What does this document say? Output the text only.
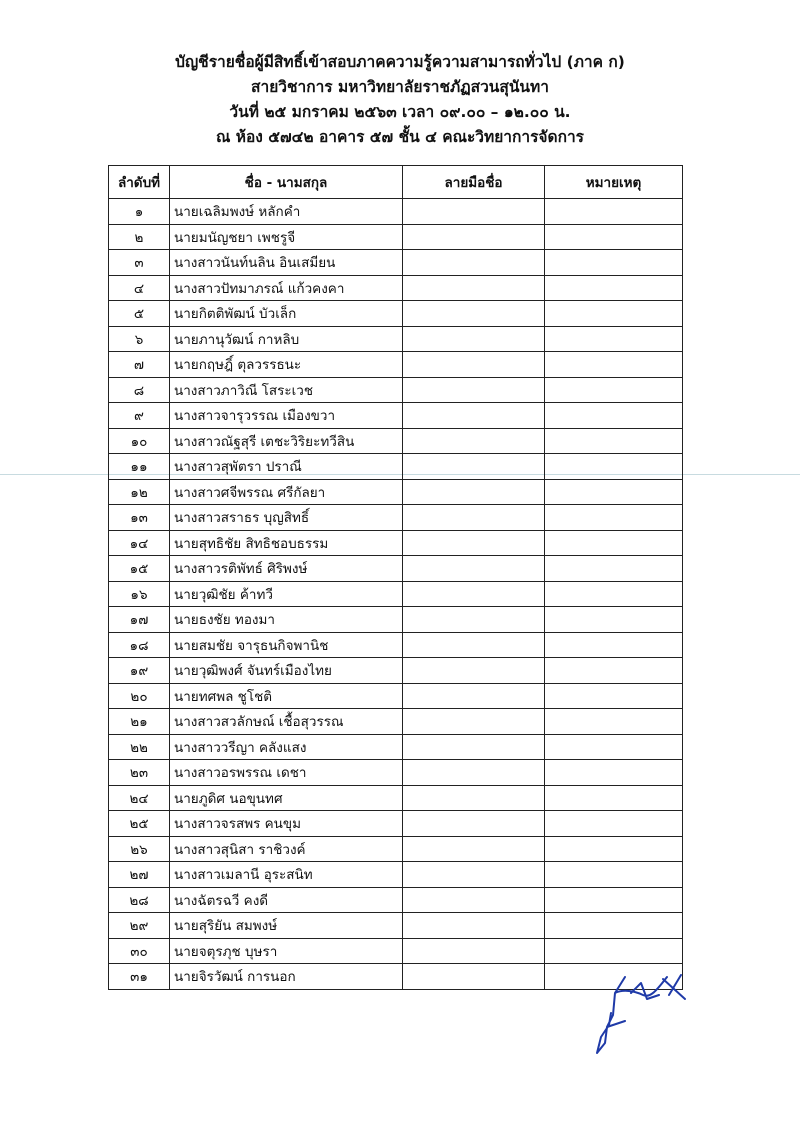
บัญชีรายชื่อผู้มีสิทธิ์เข้าสอบภาคความรู้ความสามารถทั่วไป (ภาค ก)
สายวิชาการ มหาวิทยาลัยราชภัฏสวนสุนันทา
วันที่ ๒๕ มกราคม ๒๕๖๓ เวลา ๐๙.๐๐ – ๑๒.๐๐ น.
ณ ห้อง ๕๗๔๒ อาคาร ๕๗ ชั้น ๔ คณะวิทยาการจัดการ
ลำดับที่	ชื่อ - นามสกุล	ลายมือชื่อ	หมายเหตุ
๑	นายเฉลิมพงษ์ หลักคำ		
๒	นายมนัญชยา เพชรูจี		
๓	นางสาวนันท์นลิน อินเสมียน		
๔	นางสาวปัทมาภรณ์ แก้วคงคา		
๕	นายกิตติพัฒน์ บัวเล็ก		
๖	นายภานุวัฒน์ กาหลิบ		
๗	นายกฤษฎิ์ ตุลวรรธนะ		
๘	นางสาวภาวิณี โสระเวช		
๙	นางสาวจารุวรรณ เมืองขวา		
๑๐	นางสาวณัฐสุรี เตชะวิริยะทวีสิน		
๑๑	นางสาวสุพัตรา ปราณี		
๑๒	นางสาวศจีพรรณ ศรีกัลยา		
๑๓	นางสาวสราธร บุญสิทธิ์		
๑๔	นายสุทธิชัย สิทธิชอบธรรม		
๑๕	นางสาวรติพัทธ์ ศิริพงษ์		
๑๖	นายวุฒิชัย ค้าทวี		
๑๗	นายธงชัย ทองมา		
๑๘	นายสมชัย จารุธนกิจพานิช		
๑๙	นายวุฒิพงศ์ จันทร์เมืองไทย		
๒๐	นายทศพล ชูโชติ		
๒๑	นางสาวสวลักษณ์ เชื้อสุวรรณ		
๒๒	นางสาววรีญา คลังแสง		
๒๓	นางสาวอรพรรณ เดชา		
๒๔	นายภูดิศ นอขุนทศ		
๒๕	นางสาวจรสพร คนขุม		
๒๖	นางสาวสุนิสา ราชิวงค์		
๒๗	นางสาวเมลานี อุระสนิท		
๒๘	นางฉัตรฉวี คงดี		
๒๙	นายสุริยัน สมพงษ์		
๓๐	นายจตุรภุช บุษรา		
๓๑	นายจิรวัฒน์ การนอก		
